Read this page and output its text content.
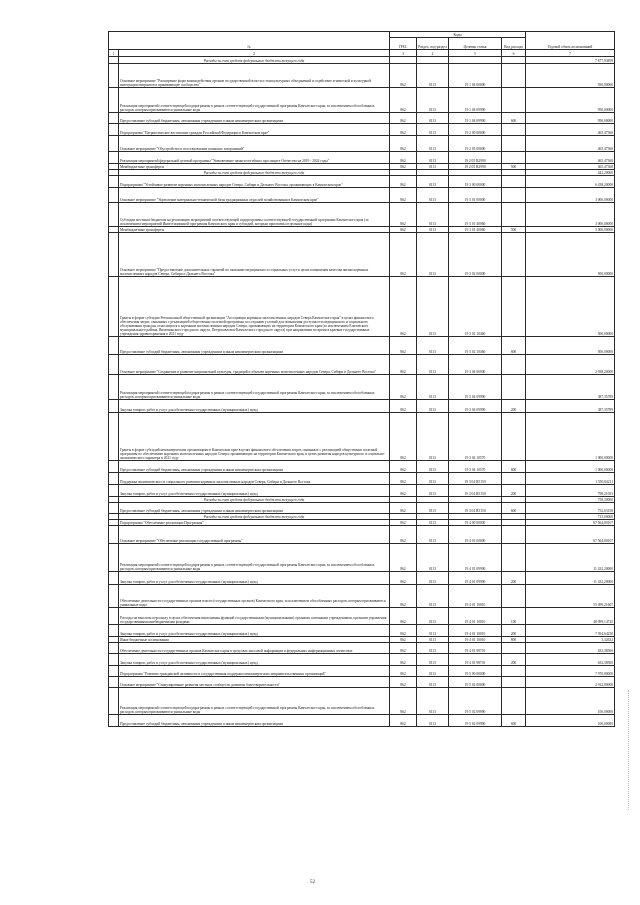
№		Коды				Годовой объем ассигнований
		ГРБС	Раздел, под-раздел	Целевая статья	Вид расхода	
1	2	3	4	5	6	7
	Расходы за счет средств федерального бюджета текущего года					7 677,93859
	Основное мероприятие "Расширение форм взаимодействия органов государственной власти и этнокультурных объединений и содействие этнической и культурной интеграции мигрантов в принимающее сообщество"	862	0113	19 1 04 00000		950,00000
	Реализация мероприятий соответствующей подпрограммы в рамках соответствующей государственной программы Камчатского края, за исключением обособленных расходов, которым присваиваются уникальные коды	862	0113	19 1 04 09990		950,00000
	Предоставление субсидий бюджетным, автономным учреждениям и иным некоммерческим организациям	862	0113	19 1 04 09990	600	950,00000
	Подпрограмма "Патриотическое воспитание граждан Российской Федерации в Камчатском крае"	862	0113	19 2 00 00000		465,47368
	Основное мероприятие "Обустройство и восстановление воинских захоронений"	862	0113	19 2 05 00000		465,47368
	Реализация мероприятий федеральной целевой программы "Увековечение памяти погибших при защите Отечества на 2019 - 2024 годы"	862	0113	19 2 05 R2990		465,47368
	Межбюджетные трансферты	862	0113	19 2 05 R2990	500	465,47368
	Расходы за счет средств федерального бюджета текущего года					442,20000
	Подпрограмма "Устойчивое развитие коренных малочисленных народов Севера, Сибири и Дальнего Востока, проживающих в Камчатском крае"	862	0113	19 3 00 00000		6 438,20000
	Основное мероприятие "Укрепление материально-технической базы традиционных отраслей хозяйствования в Камчатском крае"	862	0113	19 3 01 00000		3 000,00000
	Субсидии местным бюджетам на реализацию мероприятий соответствующей подпрограммы соответствующей государственной программы Камчатского края (за исключением мероприятий Инвестиционной программы Камчатского края и субсидий, которым присвоены отдельные коды)	862	0113	19 3 01 40060		3 000,00000
	Межбюджетные трансферты	862	0113	19 3 01 40060	500	3 000,00000
	Основное мероприятие "Предоставление дополнительных гарантий по оказанию медицинских и социальных услуг в целях повышения качества жизни коренных малочисленных народов Севера, Сибири и Дальнего Востока"	862	0113	19 3 02 00000		500,00000
	Гранты в форме субсидии Региональной общественной организации "Ассоциация коренных малочисленных народов Севера Камчатского края" в целях финансового обеспечения затрат, связанных с реализацией общественно полезной программы по созданию условий для повышения доступности медицинского и социального обслуживания граждан, относящихся к коренным малочисленным народам Севера, проживающих на территории Камчатского края (за исключением Елизовского муниципального района, Вилючинского городского округа, Петропавловск-Камчатского городского округа) при направлении во время в краевые государственные учреждения здравоохранения в 2021 году	862	0113	19 3 02 10460		500,00000
	Предоставление субсидий бюджетным, автономным учреждениям и иным некоммерческим организациям	862	0113	19 3 02 10460	600	500,00000
	Основное мероприятие "Сохранение и развитие национальной культуры, традиций и обычаев коренных малочисленных народов Севера, Сибири и Дальнего Востока"	862	0113	19 3 04 00000		2 938,20000
	Реализация мероприятий соответствующей подпрограммы в рамках соответствующей государственной программы Камчатского края, за исключением обособленных расходов, которым присваиваются уникальные коды	862	0113	19 3 04 09990		387,35789
	Закупка товаров, работ и услуг для обеспечения государственных (муниципальных) нужд	862	0113	19 3 04 09990	200	387,35789
	Гранты в форме субсидий некоммерческим организациям в Камчатском крае в целях финансового обеспечения затрат, связанных с реализацией общественно полезной программы по обеспечению коренных малочисленных народов Севера, проживающих на территории Камчатского края, в целях развития народов культурного и социально-экономического характера в 2021 году	862	0113	19 3 04 10570		1 000,00000
	Предоставление субсидий бюджетным, автономным учреждениям и иным некоммерческим организациям	862	0113	19 3 04 10570	600	1 000,00000
	Поддержка экономического и социального развития коренных малочисленных народов Севера, Сибири и Дальнего Востока	862	0113	19 3 04 R5150		1 550,84211
	Закупка товаров, работ и услуг для обеспечения государственных (муниципальных) нужд	862	0113	19 3 04 R5150	200	798,21053
	Расходы за счет средств федерального бюджета текущего года					758,30000
	Предоставление субсидий бюджетным, автономным учреждениям и иным некоммерческим организациям	862	0113	19 3 04 R5150	600	752,63158
	Расходы за счет средств федерального бюджета текущего года					715,00000
	Подпрограмма "Обеспечение реализации Программы"	862	0113	19 4 00 00000		67 564,80107
	Основное мероприятие "Обеспечение реализации государственной программы"	862	0113	19 4 01 00000		67 564,80107
	Реализация мероприятий соответствующей подпрограммы в рамках соответствующей государственной программы Камчатского края, за исключением обособленных расходов, которым присваиваются уникальные коды	862	0113	19 4 01 09990		11 432,20000
	Закупка товаров, работ и услуг для обеспечения государственных (муниципальных) нужд	862	0113	19 4 01 09990	200	11 432,20000
	Обеспечение деятельности государственных органов власти (государственных органов) Камчатского края, за исключением обособленных расходов, которым присваиваются уникальные коды	862	0113	19 4 01 10010		55 499,21607
	Расходы на выплаты персоналу в целях обеспечения выполнения функций государственными (муниципальными) органами, казенными учреждениями, органами управления государственными внебюджетными фондами	862	0113	19 4 01 10010	100	48 099,14725
	Закупка товаров, работ и услуг для обеспечения государственных (муниципальных) нужд	862	0113	19 4 01 10010	200	7 394,64250
	Иные бюджетные ассигнования	862	0113	19 4 01 10010	800	5,32632
	Обеспечение деятельности государственных органов Камчатского края в средствах массовой информации и федеральных информационных агентствах	862	0113	19 4 01 98701		633,38500
	Закупка товаров, работ и услуг для обеспечения государственных (муниципальных) нужд	862	0113	19 4 01 98701	200	633,38500
	Подпрограмма "Развитие гражданской активности и государственная поддержка некоммерческих неправительственных организаций"	862	0113	19 5 00 00000		7 970,80000
	Основное мероприятие "Стимулирование развития местных сообществ, развития благотворительности"	862	0113	19 5 02 00000		2 912,80000
	Реализация мероприятий соответствующей подпрограммы в рамках соответствующей государственной программы Камчатского края, за исключением обособленных расходов, которым присваиваются уникальные коды	862	0113	19 5 02 09990		100,00000
	Предоставление субсидий бюджетным, автономным учреждениям и иным некоммерческим организациям	862	0113	19 5 02 09990	600	100,00000
52
